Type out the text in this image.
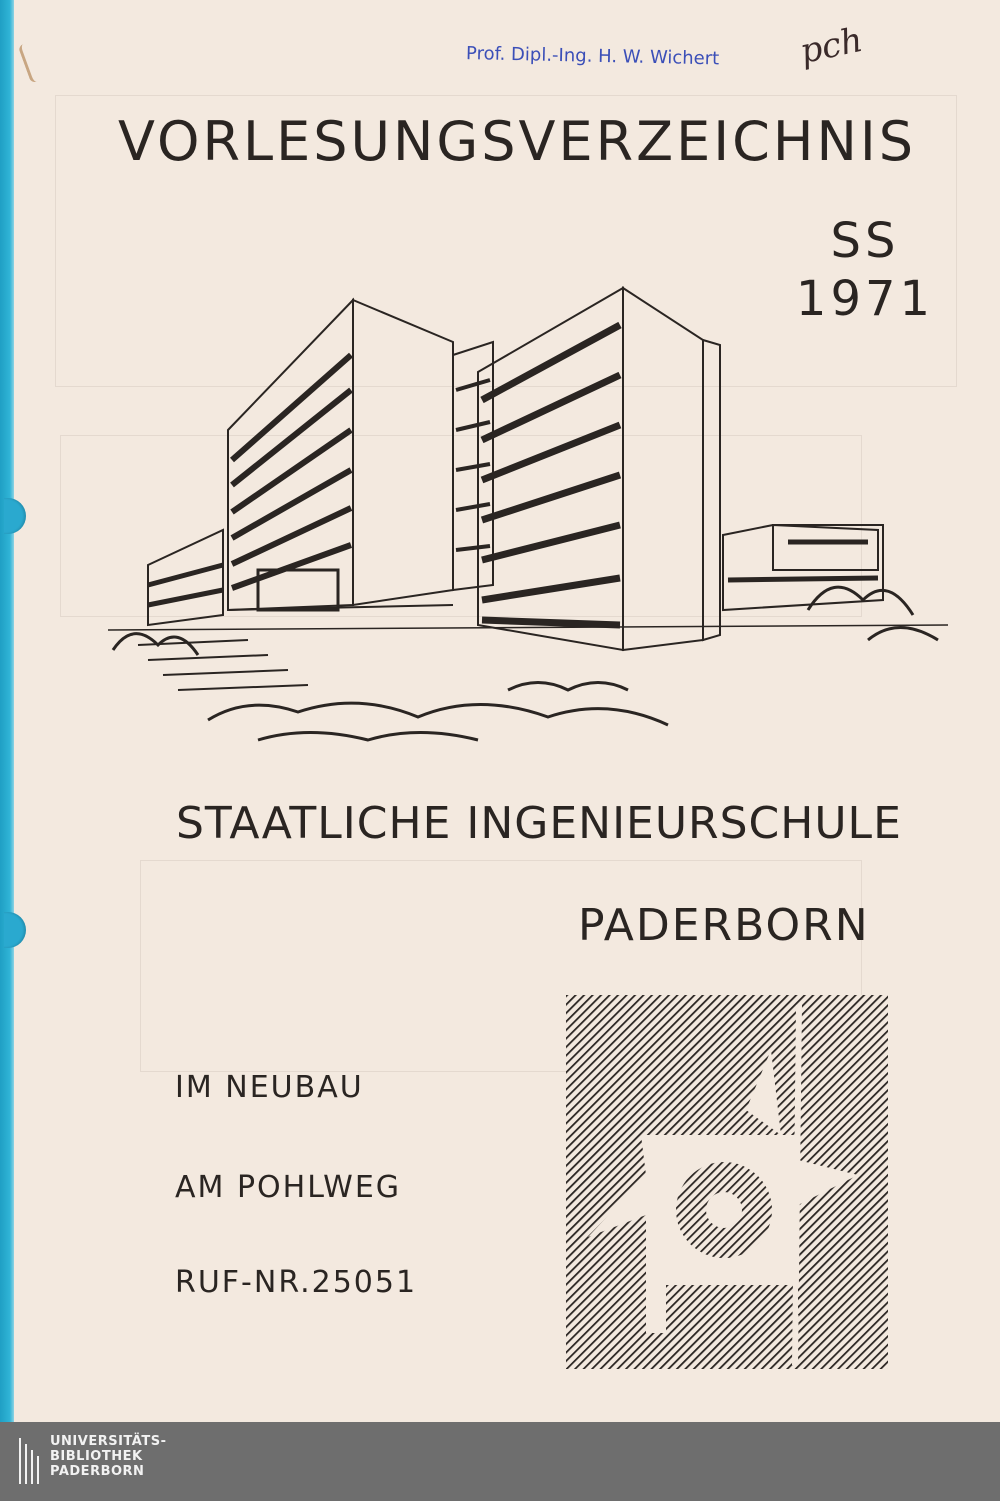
Prof. Dipl.-Ing. H. W. Wichert	pch
VORLESUNGSVERZEICHNIS
SS
1971
STAATLICHE INGENIEURSCHULE
PADERBORN
IM NEUBAU
AM POHLWEG
RUF-NR.25051
UNIVERSITÄTS-
BIBLIOTHEK
PADERBORN
